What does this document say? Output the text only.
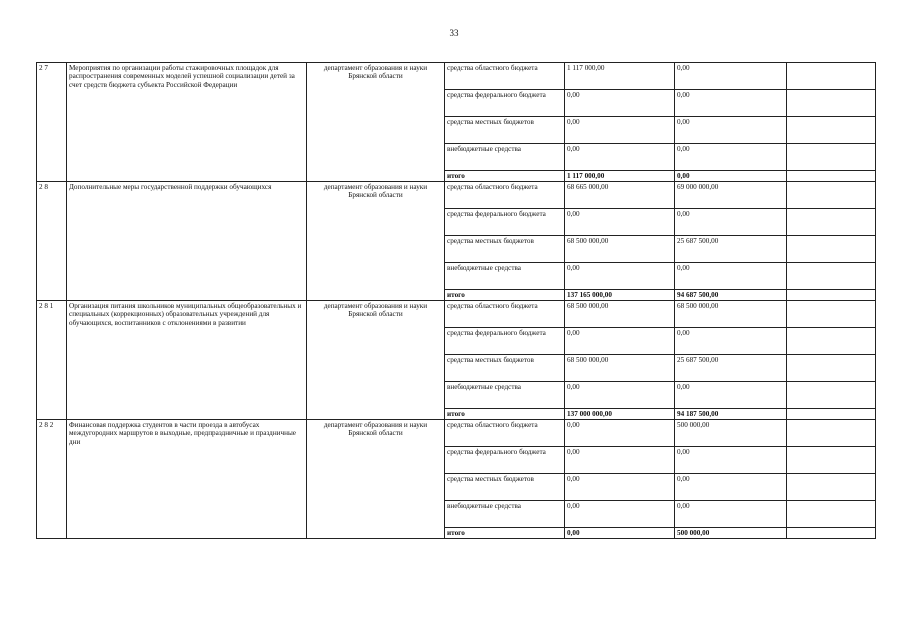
33
2 7	Мероприятия по организации работы стажировочных площадок для распространения современных моделей успешной социализации детей за счет средств бюджета субъекта Российской Федерации	департамент образования и науки Брянской области	средства областного бюджета	1 117 000,00	0,00	
			средства федерального бюджета	0,00	0,00	
			средства местных бюджетов	0,00	0,00	
			внебюджетные средства	0,00	0,00	
			итого	1 117 000,00	0,00	
2 8	Дополнительные меры государственной поддержки обучающихся	департамент образования и науки Брянской области	средства областного бюджета	68 665 000,00	69 000 000,00	
			средства федерального бюджета	0,00	0,00	
			средства местных бюджетов	68 500 000,00	25 687 500,00	
			внебюджетные средства	0,00	0,00	
			итого	137 165 000,00	94 687 500,00	
2 8 1	Организация питания школьников муниципальных общеобразовательных и специальных (коррекционных) образовательных учреждений для обучающихся, воспитанников с отклонениями в развитии	департамент образования и науки Брянской области	средства областного бюджета	68 500 000,00	68 500 000,00	
			средства федерального бюджета	0,00	0,00	
			средства местных бюджетов	68 500 000,00	25 687 500,00	
			внебюджетные средства	0,00	0,00	
			итого	137 000 000,00	94 187 500,00	
2 8 2	Финансовая поддержка студентов в части проезда в автобусах междугородних маршрутов в выходные, предпраздничные и праздничные дни	департамент образования и науки Брянской области	средства областного бюджета	0,00	500 000,00	
			средства федерального бюджета	0,00	0,00	
			средства местных бюджетов	0,00	0,00	
			внебюджетные средства	0,00	0,00	
			итого	0,00	500 000,00	
